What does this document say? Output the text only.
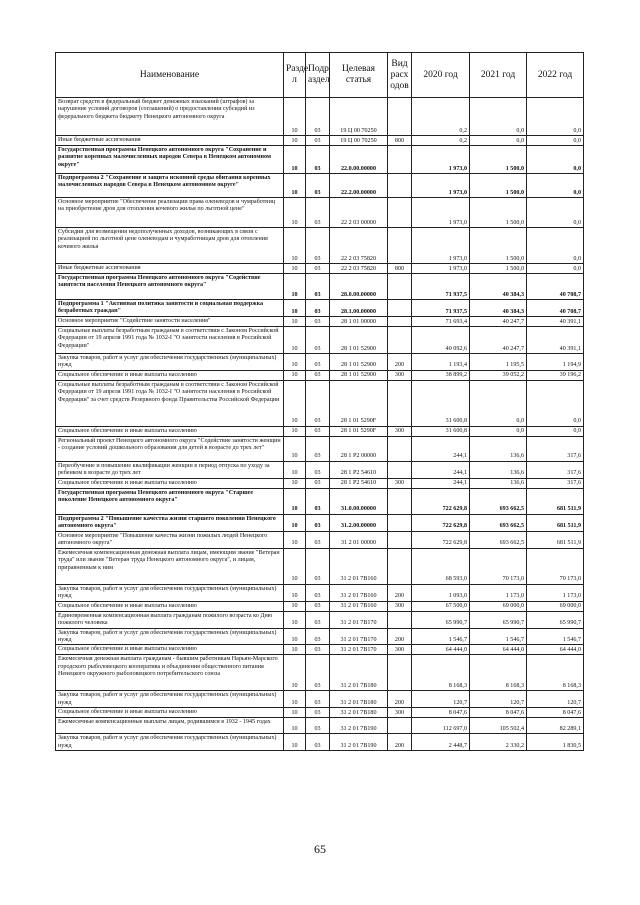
Наименование	Разде л	Подр аздел	Целевая статья	Вид расх одов	2020 год	2021 год	2022 год
Возврат средств в федеральный бюджет денежных взысканий (штрафов) за нарушение условий договоров (соглашений) о предоставлении субсидий из федерального бюджета бюджету Ненецкого автономного округа	10	03	19 Ц 00 70250		0,2	0,0	0,0
Иные бюджетные ассигнования	10	03	19 Ц 00 70250	800	0,2	0,0	0,0
Государственная программа Ненецкого автономного округа "Сохранение и развитие коренных малочисленных народов Севера в Ненецком автономном округе"	10	03	22.0.00.00000		1 973,0	1 500,0	0,0
Подпрограмма 2 "Сохранение и защита исконной среды обитания коренных малочисленных народов Севера в Ненецком автономном округе"	10	03	22.2.00.00000		1 973,0	1 500,0	0,0
Основное мероприятие "Обеспечение реализации права оленеводов и чумработниц на приобретение дров для отопления кочевого жилья по льготной цене"	10	03	22 2 03 00000		1 973,0	1 500,0	0,0
Субсидии для возмещения недополученных доходов, возникающих в связи с реализацией по льготной цене оленеводам и чумработницам дров для отопления кочевого жилья	10	03	22 2 03 75820		1 973,0	1 500,0	0,0
Иные бюджетные ассигнования	10	03	22 2 03 75820	800	1 973,0	1 500,0	0,0
Государственная программа Ненецкого автономного округа "Содействие занятости населения Ненецкого автономного округа"	10	03	28.0.00.00000		71 937,5	40 384,3	40 708,7
Подпрограмма 1 "Активная политика занятости и социальная поддержка безработных граждан"	10	03	28.1.00.00000		71 937,5	40 384,3	40 708,7
Основное мероприятие "Содействие занятости населения"	10	03	28 1 01 00000		71 693,4	40 247,7	40 391,1
Социальные выплаты безработным гражданам в соответствии с Законом Российской Федерации от 19 апреля 1991 года № 1032-I "О занятости населения в Российской Федерации"	10	03	28 1 01 52900		40 092,6	40 247,7	40 391,1
Закупка товаров, работ и услуг для обеспечения государственных (муниципальных) нужд	10	03	28 1 01 52900	200	1 193,4	1 195,5	1 194,9
Социальное обеспечение и иные выплаты населению	10	03	28 1 01 52900	300	38 899,2	39 052,2	39 196,2
Социальные выплаты безработным гражданам в соответствии с Законом Российской Федерации от 19 апреля 1991 года № 1032-I "О занятости населения в Российской Федерации" за счет средств Резервного фонда Правительства Российской Федерации	10	03	28 1 01 5290F		31 600,8	0,0	0,0
Социальное обеспечение и иные выплаты населению	10	03	28 1 01 5290F	300	31 600,8	0,0	0,0
Региональный проект Ненецкого автономного округа "Содействие занятости женщин - создание условий дошкольного образования для детей в возрасте до трех лет"	10	03	28 1 P2 00000		244,1	136,6	317,6
Переобучение и повышение квалификации женщин в период отпуска по уходу за ребенком в возрасте до трех лет	10	03	28 1 P2 54610		244,1	136,6	317,6
Социальное обеспечение и иные выплаты населению	10	03	28 1 P2 54610	300	244,1	136,6	317,6
Государственная программа Ненецкого автономного округа "Старшее поколение Ненецкого автономного округа"	10	03	31.0.00.00000		722 629,8	693 662,5	681 511,9
Подпрограмма 2 "Повышение качества жизни старшего поколения Ненецкого автономного округа"	10	03	31.2.00.00000		722 629,8	693 662,5	681 511,9
Основное мероприятие "Повышение качества жизни пожилых людей Ненецкого автономного округа"	10	03	31 2 01 00000		722 629,8	693 662,5	681 511,9
Ежемесячная компенсационная денежная выплата лицам, имеющим звание "Ветеран труда" или звание "Ветеран труда Ненецкого автономного округа", и лицам, приравненным к ним	10	03	31 2 01 7В160		68 593,0	70 173,0	70 173,0
Закупка товаров, работ и услуг для обеспечения государственных (муниципальных) нужд	10	03	31 2 01 7В160	200	1 093,0	1 173,0	1 173,0
Социальное обеспечение и иные выплаты населению	10	03	31 2 01 7В160	300	67 500,0	69 000,0	69 000,0
Единовременная компенсационная выплата гражданам пожилого возраста ко Дню пожилого человека	10	03	31 2 01 7В170		65 990,7	65 990,7	65 990,7
Закупка товаров, работ и услуг для обеспечения государственных (муниципальных) нужд	10	03	31 2 01 7В170	200	1 546,7	1 546,7	1 546,7
Социальное обеспечение и иные выплаты населению	10	03	31 2 01 7В170	300	64 444,0	64 444,0	64 444,0
Ежемесячная денежная выплата гражданам - бывшим работникам Нарьян-Марского городского рыболовецкого кооператива и объединения общественного питания Ненецкого окружного рыболовецкого потребительского союза	10	03	31 2 01 7В180		8 168,3	8 168,3	8 168,3
Закупка товаров, работ и услуг для обеспечения государственных (муниципальных) нужд	10	03	31 2 01 7В180	200	120,7	120,7	120,7
Социальное обеспечение и иные выплаты населению	10	03	31 2 01 7В180	300	8 047,6	8 047,6	8 047,6
Ежемесячные компенсационные выплаты лицам, родившимся в 1932 - 1945 годах	10	03	31 2 01 7В190		112 697,0	105 502,4	82 289,1
Закупка товаров, работ и услуг для обеспечения государственных (муниципальных) нужд	10	03	31 2 01 7В190	200	2 448,7	2 330,2	1 830,5
65
